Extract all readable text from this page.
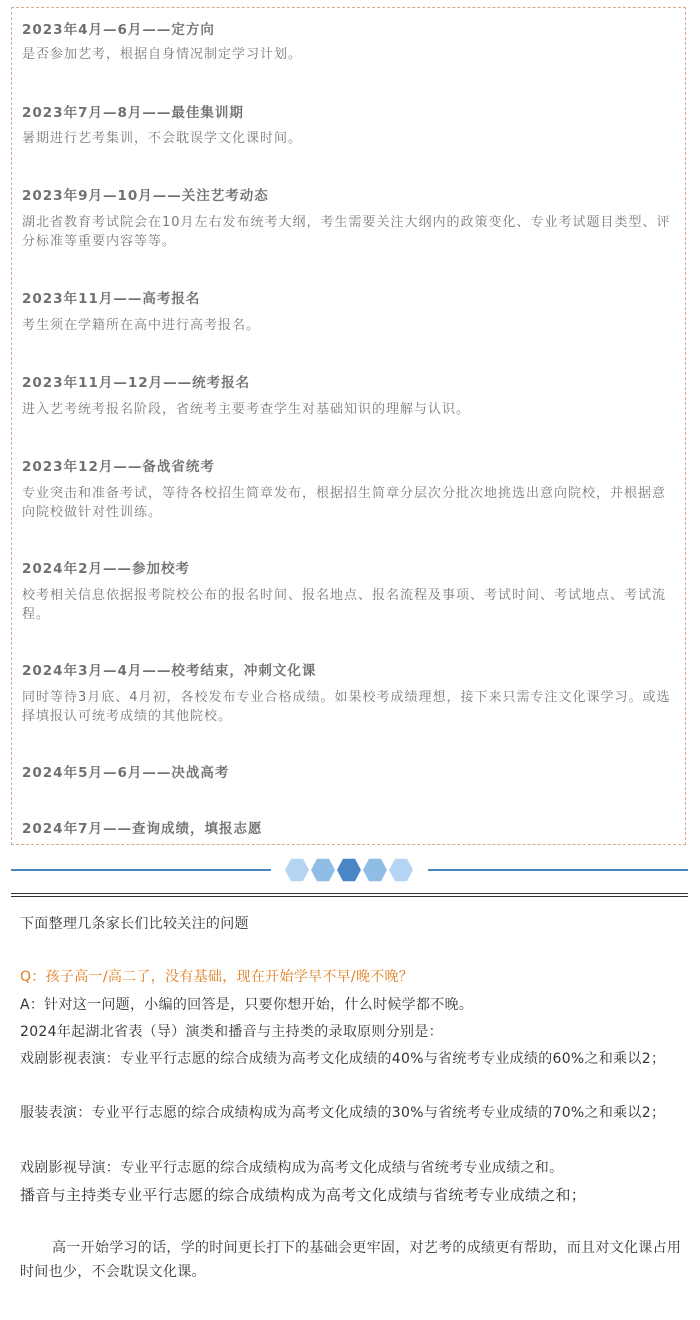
2023年4月—6月——定方向
是否参加艺考，根据自身情况制定学习计划。
2023年7月—8月——最佳集训期
暑期进行艺考集训，不会耽误学文化课时间。
2023年9月—10月——关注艺考动态
湖北省教育考试院会在10月左右发布统考大纲，考生需要关注大纲内的政策变化、专业考试题目类型、评分标准等重要内容等等。
2023年11月——高考报名
考生须在学籍所在高中进行高考报名。
2023年11月—12月——统考报名
进入艺考统考报名阶段，省统考主要考查学生对基础知识的理解与认识。
2023年12月——备战省统考
专业突击和准备考试，等待各校招生简章发布，根据招生简章分层次分批次地挑选出意向院校，并根据意向院校做针对性训练。
2024年2月——参加校考
校考相关信息依据报考院校公布的报名时间、报名地点、报名流程及事项、考试时间、考试地点、考试流程。
2024年3月—4月——校考结束，冲刺文化课
同时等待3月底、4月初，各校发布专业合格成绩。如果校考成绩理想，接下来只需专注文化课学习。或选择填报认可统考成绩的其他院校。
2024年5月—6月——决战高考
2024年7月——查询成绩，填报志愿
下面整理几条家长们比较关注的问题
Q：孩子高一/高二了，没有基础，现在开始学早不早/晚不晚？
A：针对这一问题，小编的回答是，只要你想开始，什么时候学都不晚。
2024年起湖北省表（导）演类和播音与主持类的录取原则分别是：
戏剧影视表演：专业平行志愿的综合成绩为高考文化成绩的40%与省统考专业成绩的60%之和乘以2；
服装表演：专业平行志愿的综合成绩构成为高考文化成绩的30%与省统考专业成绩的70%之和乘以2；
戏剧影视导演：专业平行志愿的综合成绩构成为高考文化成绩与省统考专业成绩之和。
播音与主持类专业平行志愿的综合成绩构成为高考文化成绩与省统考专业成绩之和；
高一开始学习的话，学的时间更长打下的基础会更牢固，对艺考的成绩更有帮助，而且对文化课占用时间也少，不会耽误文化课。
